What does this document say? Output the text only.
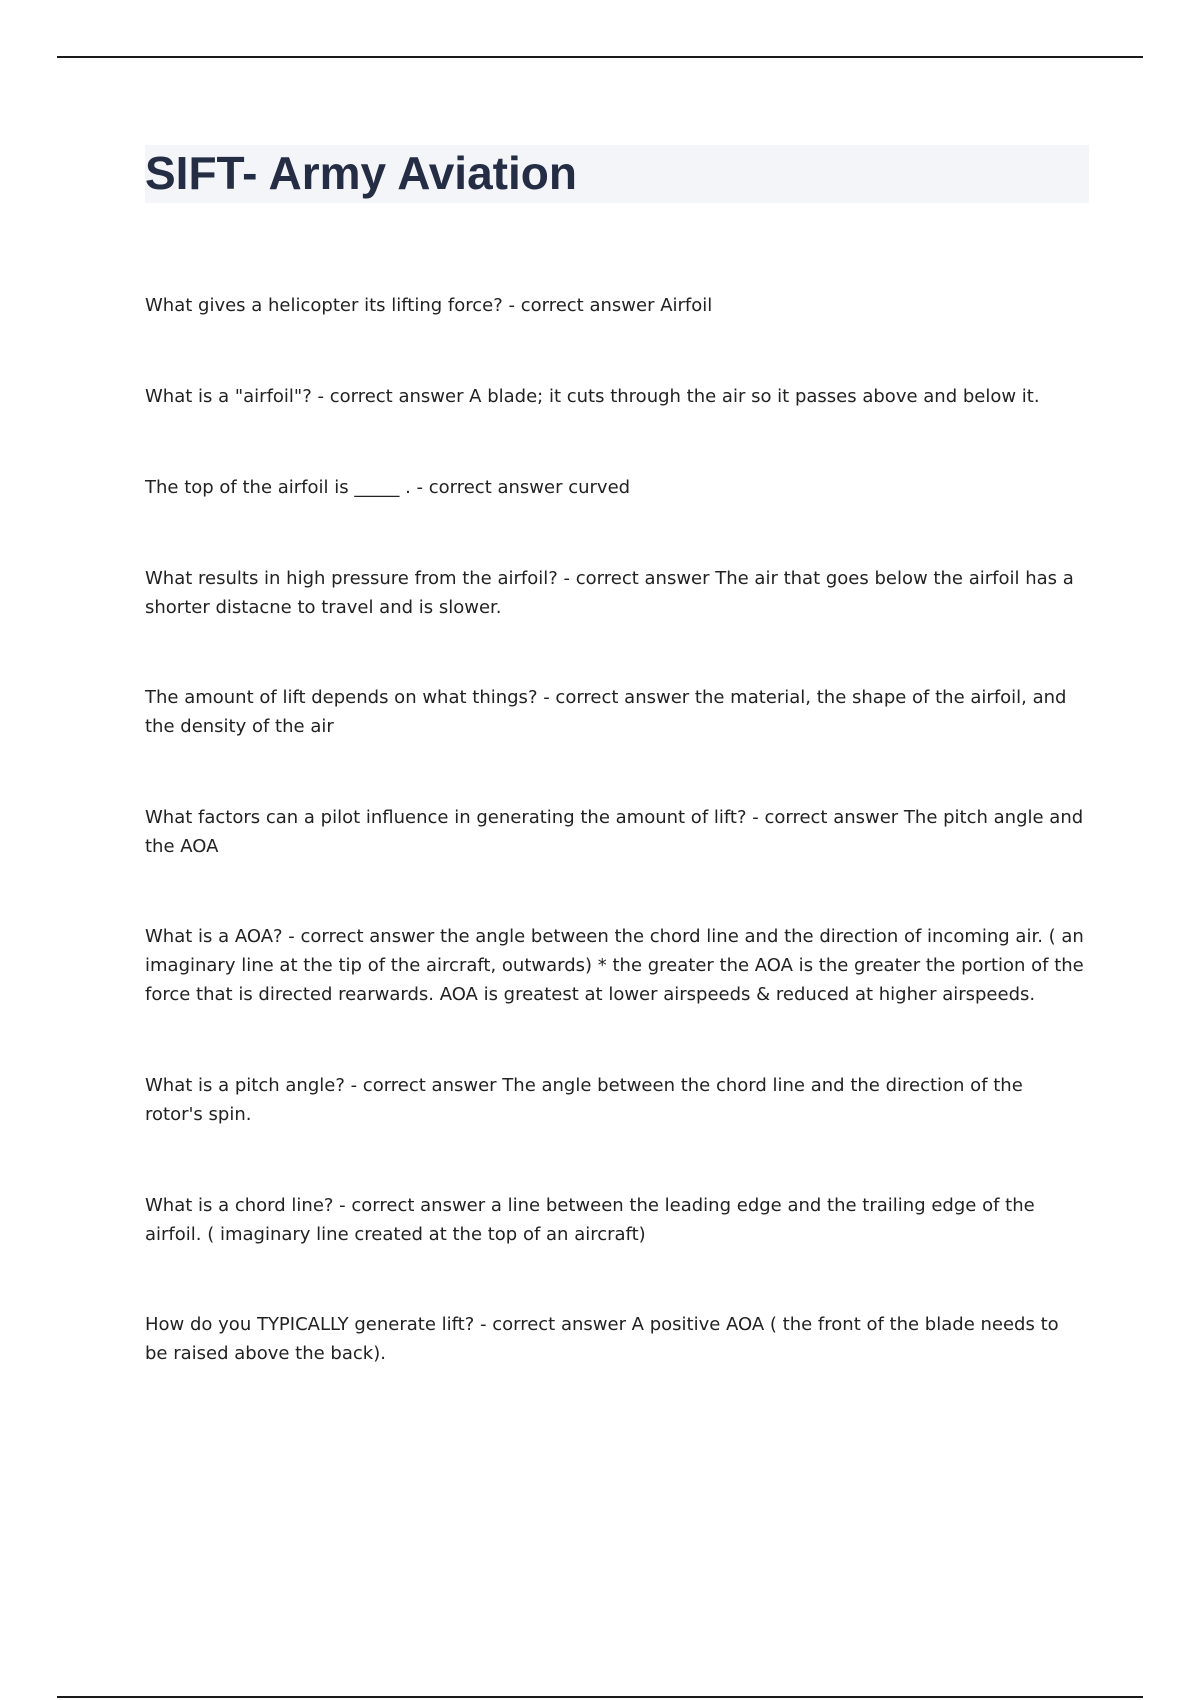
SIFT- Army Aviation

What gives a helicopter its lifting force? - correct answer Airfoil

What is a "airfoil"? - correct answer A blade; it cuts through the air so it passes above and below it.

The top of the airfoil is _____ . - correct answer curved

What results in high pressure from the airfoil? - correct answer The air that goes below the airfoil has a shorter distacne to travel and is slower.

The amount of lift depends on what things? - correct answer the material, the shape of the airfoil, and the density of the air

What factors can a pilot influence in generating the amount of lift? - correct answer The pitch angle and the AOA

What is a AOA? - correct answer the angle between the chord line and the direction of incoming air. ( an imaginary line at the tip of the aircraft, outwards) * the greater the AOA is the greater the portion of the force that is directed rearwards. AOA is greatest at lower airspeeds & reduced at higher airspeeds.

What is a pitch angle? - correct answer The angle between the chord line and the direction of the rotor's spin.

What is a chord line? - correct answer a line between the leading edge and the trailing edge of the airfoil. ( imaginary line created at the top of an aircraft)

How do you TYPICALLY generate lift? - correct answer A positive AOA ( the front of the blade needs to be raised above the back).
